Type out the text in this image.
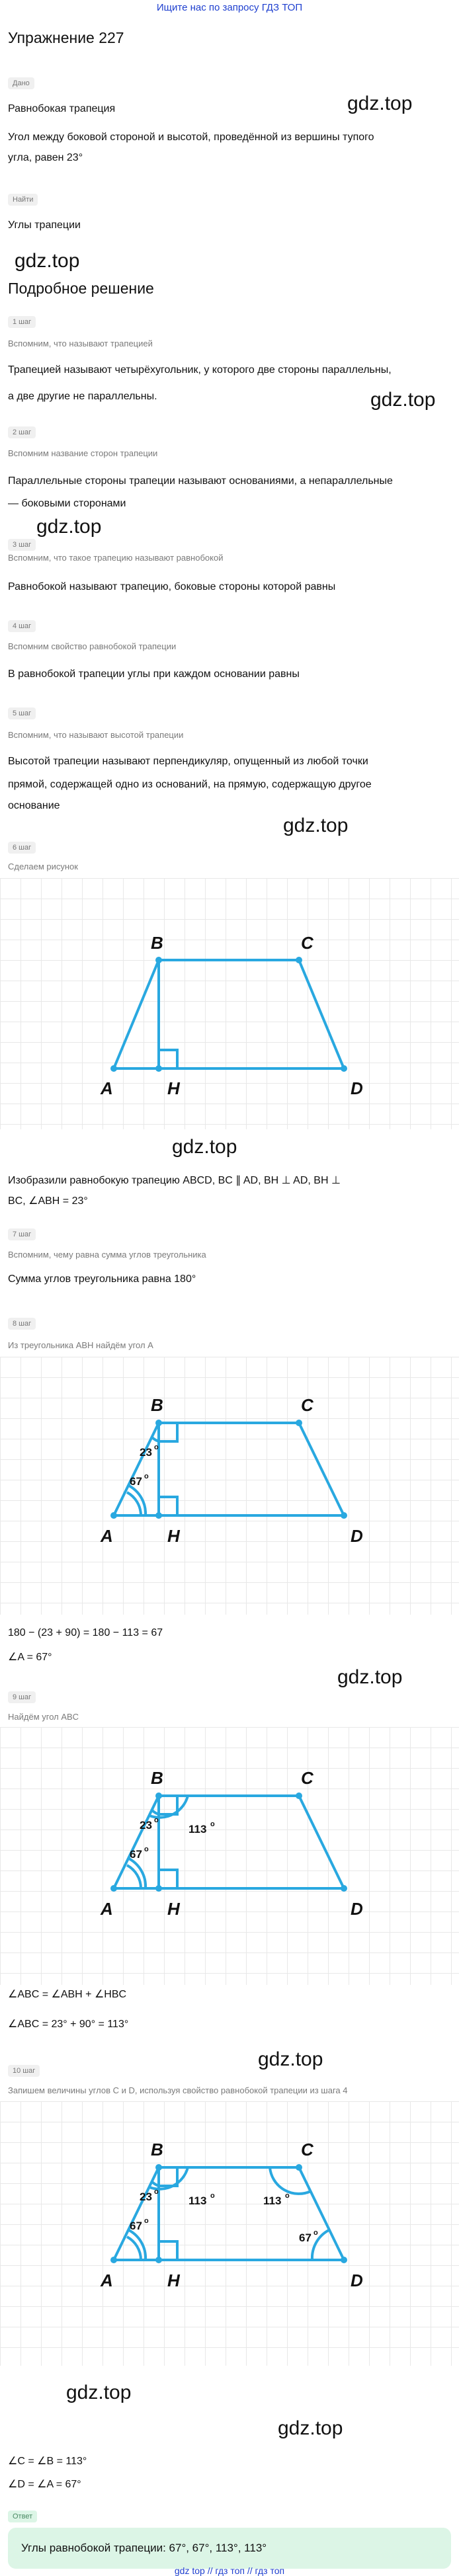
Ищите нас по запросу ГДЗ ТОП
Упражнение 227
Дано
Равнобокая трапеция
Угол между боковой стороной и высотой, проведённой из вершины тупого
угла, равен 23°
Найти
Углы трапеции
Подробное решение
gdz.top
gdz.top
gdz.top
gdz.top
gdz.top
gdz.top
gdz.top
gdz.top
gdz.top
gdz.top
1 шаг
Вспомним, что называют трапецией
Трапецией называют четырёхугольник, у которого две стороны параллельны,
а две другие не параллельны.
2 шаг
Вспомним название сторон трапеции
Параллельные стороны трапеции называют основаниями, а непараллельные
— боковыми сторонами
3 шаг
Вспомним, что такое трапецию называют равнобокой
Равнобокой называют трапецию, боковые стороны которой равны
4 шаг
Вспомним свойство равнобокой трапеции
В равнобокой трапеции углы при каждом основании равны
5 шаг
Вспомним, что называют высотой трапеции
Высотой трапеции называют перпендикуляр, опущенный из любой точки
прямой, содержащей одно из оснований, на прямую, содержащую другое
основание
6 шаг
Сделаем рисунок
A
B	C
D
H
Изобразили равнобокую трапецию ABCD, BC ∥ AD, BH ⊥ AD, BH ⊥
BC, ∠ABH = 23°
7 шаг
Вспомним, чему равна сумма углов треугольника
Сумма углов треугольника равна 180°
8 шаг
Из треугольника ABH найдём угол A
A
B	C
D
H
23 o
67 o
180 − (23 + 90) = 180 − 113 = 67
∠A = 67°
9 шаг
Найдём угол ABC
A
B	C
D
H
23 o
67 o
113 o
∠ABC = ∠ABH + ∠HBC
∠ABC = 23° + 90° = 113°
10 шаг
Запишем величины углов C и D, используя свойство равнобокой трапеции из шага 4
A
B	C
D
H
23 o
67 o
113 o	113 o
67 o
∠C = ∠B = 113°
∠D = ∠A = 67°
Ответ
Углы равнобокой трапеции: 67°, 67°, 113°, 113°
gdz top // гдз топ // гдз топ
